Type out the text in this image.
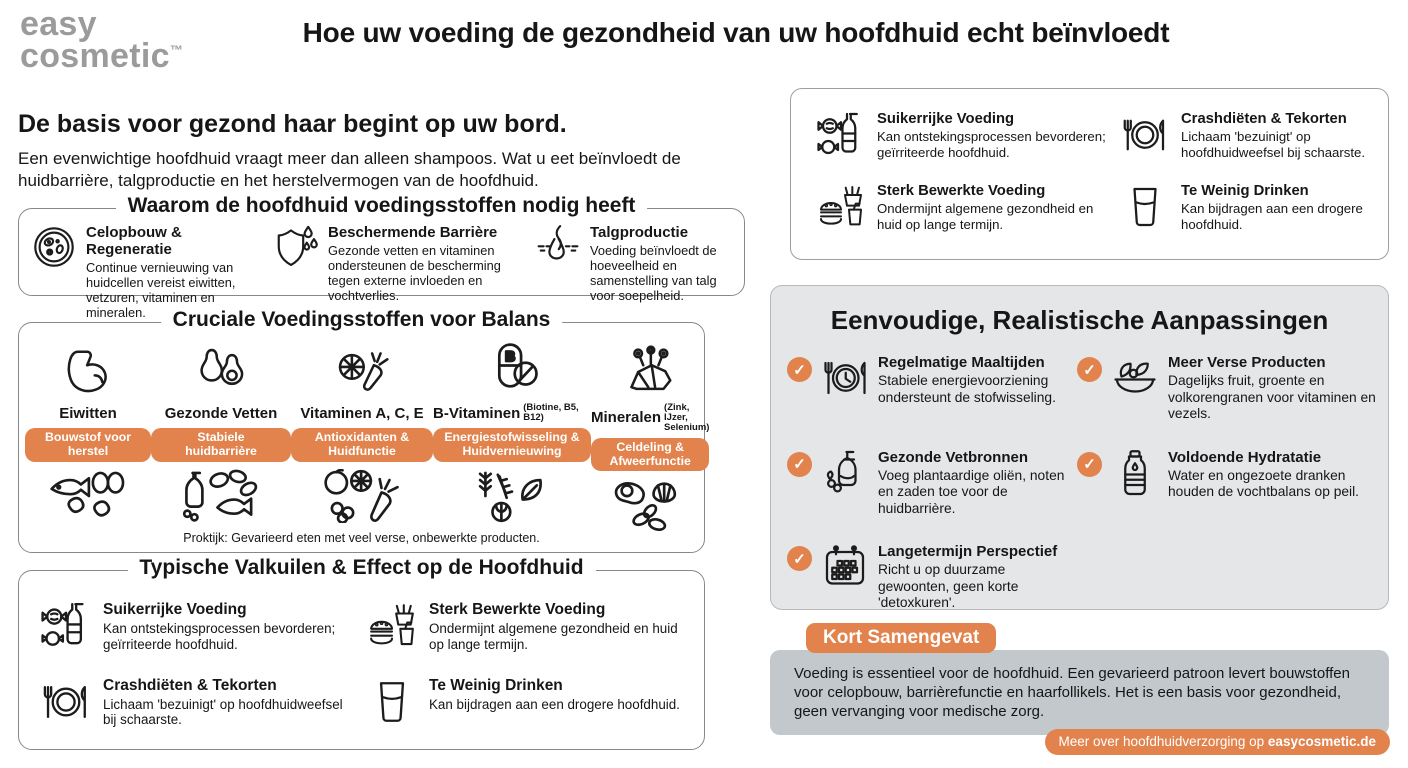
easy
cosmetic™
Hoe uw voeding de gezondheid van uw hoofdhuid echt beïnvloedt
De basis voor gezond haar begint op uw bord.

Een evenwichtige hoofdhuid vraagt meer dan alleen shampoos. Wat u eet beïnvloedt de huidbarrière, talgproductie en het herstelvermogen van de hoofdhuid.

Waarom de hoofdhuid voedingsstoffen nodig heeft
Celopbouw & Regeneratie
Continue vernieuwing van huidcellen vereist eiwitten, vetzuren, vitaminen en mineralen.
Beschermende Barrière
Gezonde vetten en vitaminen ondersteunen de bescherming tegen externe invloeden en vochtverlies.
Talgproductie
Voeding beïnvloedt de hoeveelheid en samenstelling van talg voor soepelheid.
Cruciale Voedingsstoffen voor Balans
Eiwitten
Bouwstof voor herstel
Gezonde Vetten
Stabiele huidbarrière
Vitaminen A, C, E
Antioxidanten & Huidfunctie
B-Vitaminen (Biotine, B5, B12)
Energiestofwisseling & Huidvernieuwing
Mineralen
(Zink, IJzer, Selenium)
Celdeling & Afweerfunctie
Proktijk: Gevarieerd eten met veel verse, onbewerkte producten.
Typische Valkuilen & Effect op de Hoofdhuid
Suikerrijke Voeding
Kan ontstekingsprocessen bevorderen; geïrriteerde hoofdhuid.
Sterk Bewerkte Voeding
Ondermijnt algemene gezondheid en huid op lange termijn.
Crashdiëten & Tekorten
Lichaam 'bezuinigt' op hoofdhuidweefsel bij schaarste.
Te Weinig Drinken
Kan bijdragen aan een drogere hoofdhuid.
Suikerrijke Voeding
Kan ontstekingsprocessen bevorderen; geïrriteerde hoofdhuid.
Crashdiëten & Tekorten
Lichaam 'bezuinigt' op hoofdhuidweefsel bij schaarste.
Sterk Bewerkte Voeding
Ondermijnt algemene gezondheid en huid op lange termijn.
Te Weinig Drinken
Kan bijdragen aan een drogere hoofdhuid.
Eenvoudige, Realistische Aanpassingen
✓	Regelmatige Maaltijden
Stabiele energievoorziening ondersteunt de stofwisseling.
✓	Meer Verse Producten
Dagelijks fruit, groente en volkorengranen voor vitaminen en vezels.
✓	Gezonde Vetbronnen
Voeg plantaardige oliën, noten en zaden toe voor de huidbarrière.
✓	Voldoende Hydratatie
Water en ongezoete dranken houden de vochtbalans op peil.
✓	Langetermijn Perspectief
Richt u op duurzame gewoonten, geen korte 'detoxkuren'.
Kort Samengevat
Voeding is essentieel voor de hoofdhuid. Een gevarieerd patroon levert bouwstoffen voor celopbouw, barrièrefunctie en haarfollikels. Het is een basis voor gezondheid, geen vervanging voor medische zorg.
Meer over hoofdhuidverzorging op easycosmetic.de
